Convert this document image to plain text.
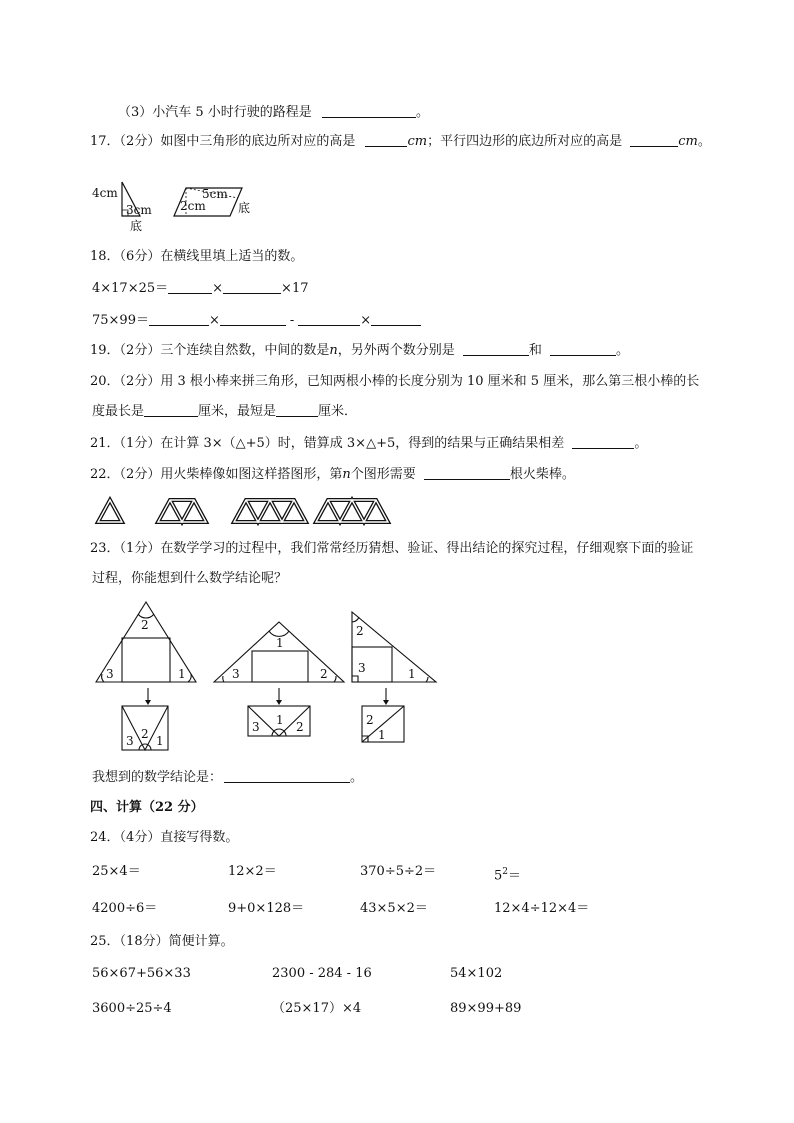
（3）小汽车 5 小时行驶的路程是	。
17．（2分）如图中三角形的底边所对应的高是	cm；平行四边形的底边所对应的高是	cm。
4cm
3cm
底
5cm
2cm	底
18．（6分）在横线里填上适当的数。
4×17×25＝	×	×17
75×99＝	×	-	×
19．（2分）三个连续自然数，中间的数是n，另外两个数分别是	和	。
20．（2分）用 3 根小棒来拼三角形，已知两根小棒的长度分别为 10 厘米和 5 厘米，那么第三根小棒的长
度最长是	厘米，最短是	厘米．
21．（1分）在计算 3×（△+5）时，错算成 3×△+5，得到的结果与正确结果相差	。
22．（2分）用火柴棒像如图这样搭图形，第n个图形需要	根火柴棒。
23．（1分）在数学学习的过程中，我们常常经历猜想、验证、得出结论的探究过程，仔细观察下面的验证
过程，你能想到什么数学结论呢？
2
3	1
1
3	2
2
3	1
2
3 1
1
3	2	2
1
我想到的数学结论是：	。
四、计算（22 分）
24．（4分）直接写得数。
25×4＝	12×2＝	370÷5÷2＝	$5^2=$
4200÷6＝	9+0×128＝	43×5×2＝	12×4÷12×4＝
25．（18分）简便计算。
56×67+56×33	2300 - 284 - 16	54×102
3600÷25÷4	（25×17）×4	89×99+89
